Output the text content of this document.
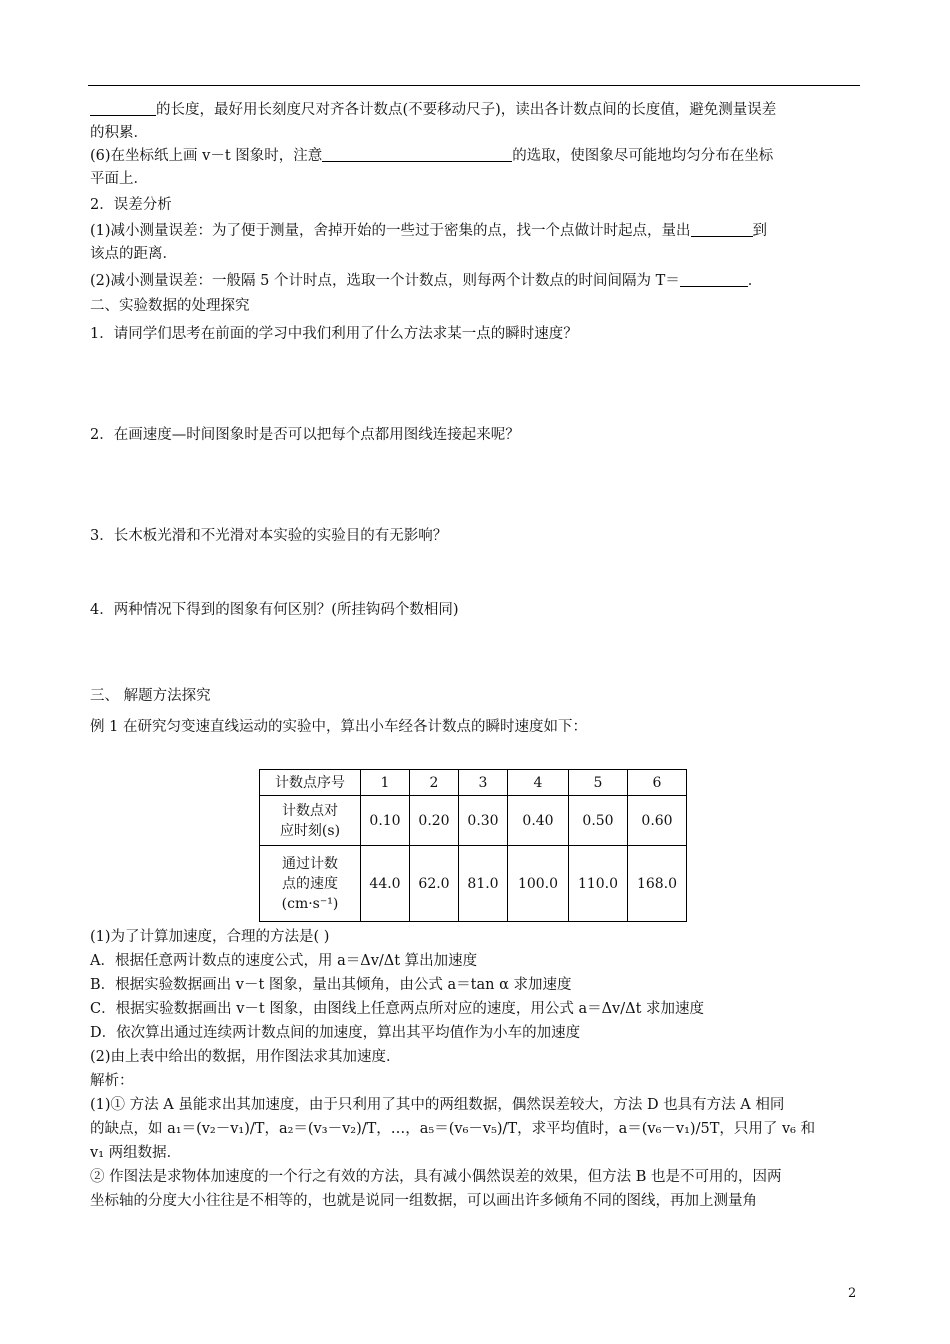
的长度，最好用长刻度尺对齐各计数点(不要移动尺子)，读出各计数点间的长度值，避免测量误差
的积累．
(6)在坐标纸上画 v－t 图象时，注意	的选取，使图象尽可能地均匀分布在坐标
平面上．
2．误差分析
(1)减小测量误差：为了便于测量，舍掉开始的一些过于密集的点，找一个点做计时起点，量出	到
该点的距离．
(2)减小测量误差：一般隔 5 个计时点，选取一个计数点，则每两个计数点的时间间隔为 T＝	．
二、实验数据的处理探究
1．请同学们思考在前面的学习中我们利用了什么方法求某一点的瞬时速度？
2．在画速度—时间图象时是否可以把每个点都用图线连接起来呢？
3．长木板光滑和不光滑对本实验的实验目的有无影响？
4．两种情况下得到的图象有何区别？(所挂钩码个数相同)
三、 解题方法探究
例 1 在研究匀变速直线运动的实验中，算出小车经各计数点的瞬时速度如下：
计数点序号	1	2	3	4	5	6
计数点对
应时刻(s)	0.10	0.20	0.30	0.40	0.50	0.60
通过计数
点的速度
(cm·s⁻¹)	44.0	62.0	81.0	100.0	110.0	168.0
(1)为了计算加速度，合理的方法是( )
A．根据任意两计数点的速度公式，用 a＝Δv/Δt 算出加速度
B．根据实验数据画出 v－t 图象，量出其倾角，由公式 a＝tan α 求加速度
C．根据实验数据画出 v－t 图象，由图线上任意两点所对应的速度，用公式 a＝Δv/Δt 求加速度
D．依次算出通过连续两计数点间的加速度，算出其平均值作为小车的加速度
(2)由上表中给出的数据，用作图法求其加速度．
解析：
(1)① 方法 A 虽能求出其加速度，由于只利用了其中的两组数据，偶然误差较大，方法 D 也具有方法 A 相同
的缺点，如 a₁＝(v₂－v₁)/T，a₂＝(v₃－v₂)/T，…，a₅＝(v₆－v₅)/T，求平均值时，a＝(v₆－v₁)/5T，只用了 v₆ 和
v₁ 两组数据．
② 作图法是求物体加速度的一个行之有效的方法，具有减小偶然误差的效果，但方法 B 也是不可用的，因两
坐标轴的分度大小往往是不相等的，也就是说同一组数据，可以画出许多倾角不同的图线，再加上测量角
2
